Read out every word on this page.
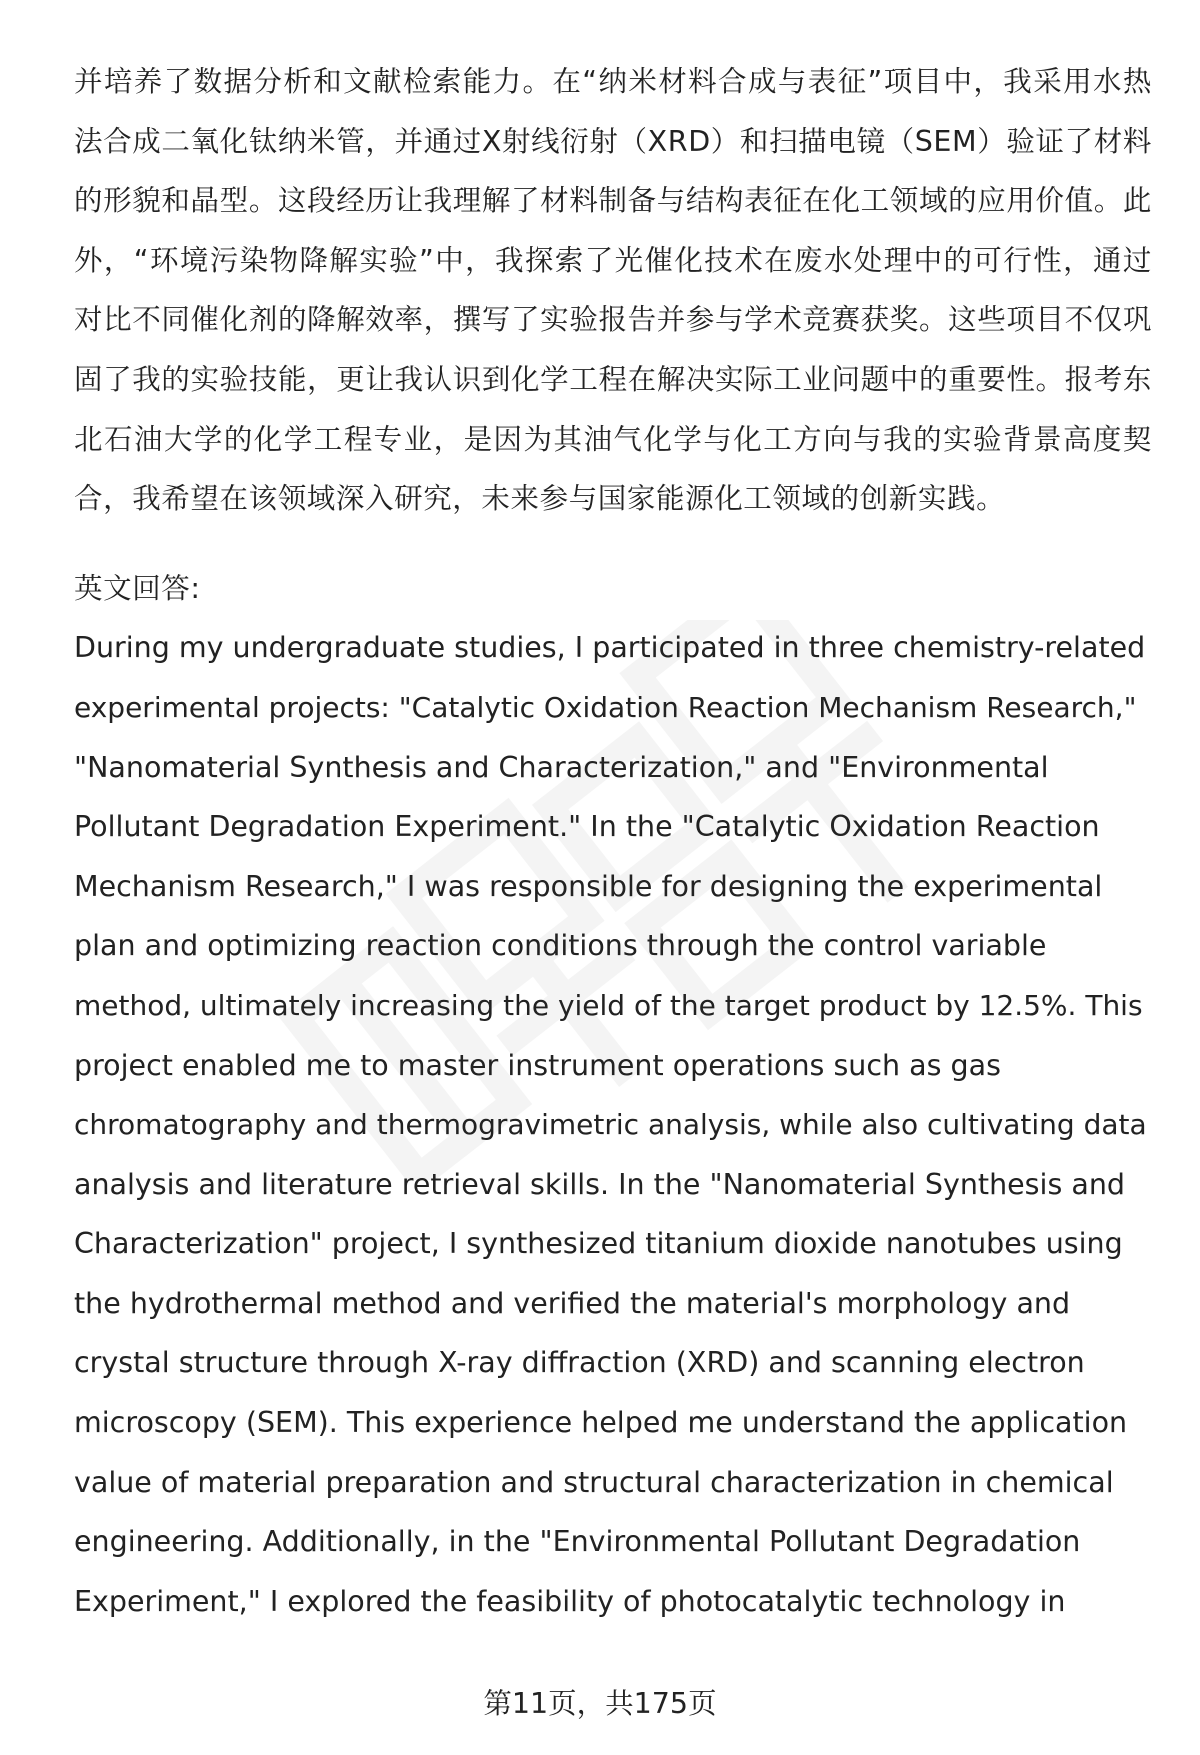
并培养了数据分析和文献检索能力。在“纳米材料合成与表征”项目中，我采用水热法合成二氧化钛纳米管，并通过X射线衍射（XRD）和扫描电镜（SEM）验证了材料的形貌和晶型。这段经历让我理解了材料制备与结构表征在化工领域的应用价值。此外，“环境污染物降解实验”中，我探索了光催化技术在废水处理中的可行性，通过对比不同催化剂的降解效率，撰写了实验报告并参与学术竞赛获奖。这些项目不仅巩固了我的实验技能，更让我认识到化学工程在解决实际工业问题中的重要性。报考东北石油大学的化学工程专业，是因为其油气化学与化工方向与我的实验背景高度契合，我希望在该领域深入研究，未来参与国家能源化工领域的创新实践。

英文回答:

During my undergraduate studies, I participated in three chemistry-related
experimental projects: "Catalytic Oxidation Reaction Mechanism Research,"
"Nanomaterial Synthesis and Characterization," and "Environmental
Pollutant Degradation Experiment." In the "Catalytic Oxidation Reaction
Mechanism Research," I was responsible for designing the experimental
plan and optimizing reaction conditions through the control variable
method, ultimately increasing the yield of the target product by 12.5%. This
project enabled me to master instrument operations such as gas
chromatography and thermogravimetric analysis, while also cultivating data
analysis and literature retrieval skills. In the "Nanomaterial Synthesis and
Characterization" project, I synthesized titanium dioxide nanotubes using
the hydrothermal method and verified the material's morphology and
crystal structure through X-ray diffraction (XRD) and scanning electron
microscopy (SEM). This experience helped me understand the application
value of material preparation and structural characterization in chemical
engineering. Additionally, in the "Environmental Pollutant Degradation
Experiment," I explored the feasibility of photocatalytic technology in

第11页，共175页
